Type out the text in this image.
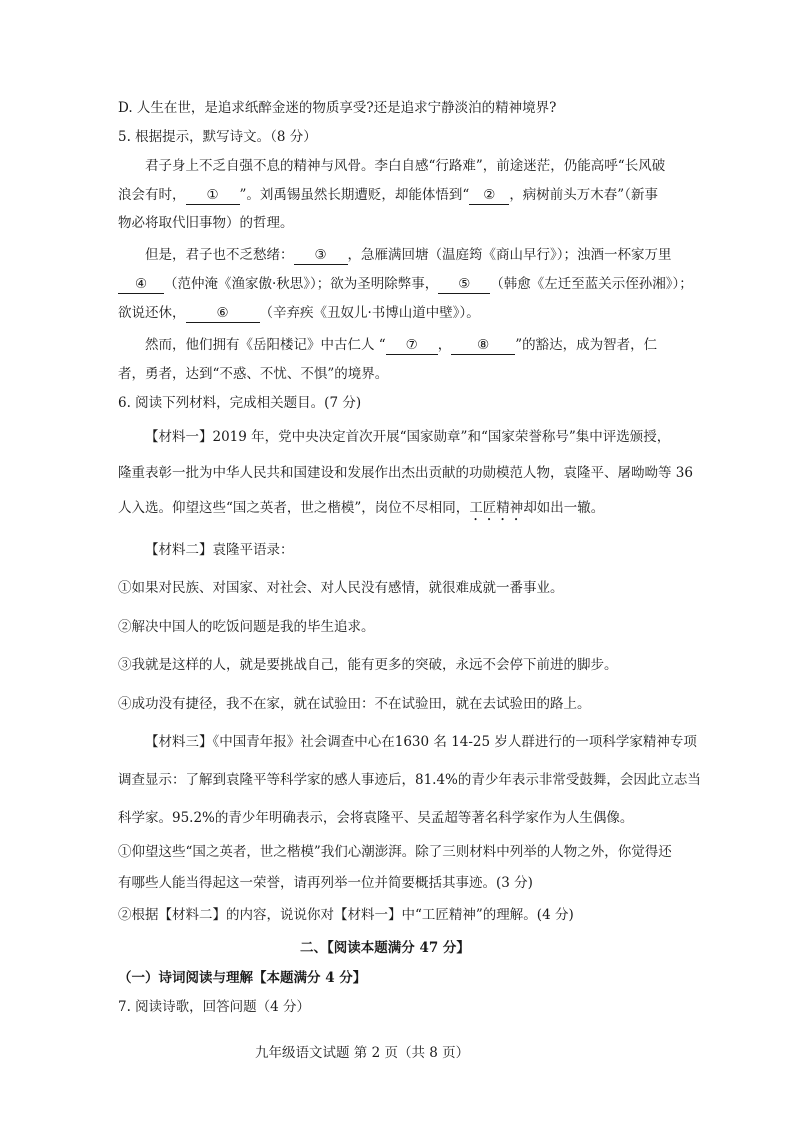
D. 人生在世，是追求纸醉金迷的物质享受?还是追求宁静淡泊的精神境界?
5. 根据提示，默写诗文。（8 分）
君子身上不乏自强不息的精神与风骨。李白自感“行路难”，前途迷茫，仍能高呼“长风破
浪会有时， ① ”。刘禹锡虽然长期遭贬，却能体悟到“ ② ，病树前头万木春”（新事
物必将取代旧事物）的哲理。
但是，君子也不乏愁绪： ③ ，急雁满回塘（温庭筠《商山早行》）；浊酒一杯家万里
④ （范仲淹《渔家傲·秋思》）；欲为圣明除弊事， ⑤ （韩愈《左迁至蓝关示侄孙湘》）；
欲说还休， ⑥ （辛弃疾《丑奴儿·书博山道中壁》）。
然而，他们拥有《岳阳楼记》中古仁人 “ ⑦ ， ⑧ ”的豁达，成为智者，仁
者，勇者，达到“不惑、不忧、不惧”的境界。
6. 阅读下列材料，完成相关题目。(7 分)
【材料一】2019 年，党中央决定首次开展“国家勋章”和“国家荣誉称号”集中评选颁授，
隆重表彰一批为中华人民共和国建设和发展作出杰出贡献的功勋模范人物，袁隆平、屠呦呦等 36
人入选。仰望这些“国之英者，世之楷模”，岗位不尽相同，工匠精神却如出一辙。
【材料二】袁隆平语录：
①如果对民族、对国家、对社会、对人民没有感情，就很难成就一番事业。
②解决中国人的吃饭问题是我的毕生追求。
③我就是这样的人，就是要挑战自己，能有更多的突破，永远不会停下前进的脚步。
④成功没有捷径，我不在家，就在试验田：不在试验田，就在去试验田的路上。
【材料三】《中国青年报》社会调查中心在1630 名 14-25 岁人群进行的一项科学家精神专项
调查显示：了解到袁隆平等科学家的感人事迹后，81.4%的青少年表示非常受鼓舞，会因此立志当
科学家。95.2%的青少年明确表示，会将袁隆平、吴孟超等著名科学家作为人生偶像。
①仰望这些“国之英者，世之楷模”我们心潮澎湃。除了三则材料中列举的人物之外，你觉得还
有哪些人能当得起这一荣誉，请再列举一位并简要概括其事迹。(3 分)
②根据【材料二】的内容，说说你对【材料一】中“工匠精神”的理解。(4 分)
二、【阅读本题满分 47 分】
（一）诗词阅读与理解【本题满分 4 分】
7. 阅读诗歌，回答问题（4 分）
九年级语文试题 第 2 页（共 8 页）
